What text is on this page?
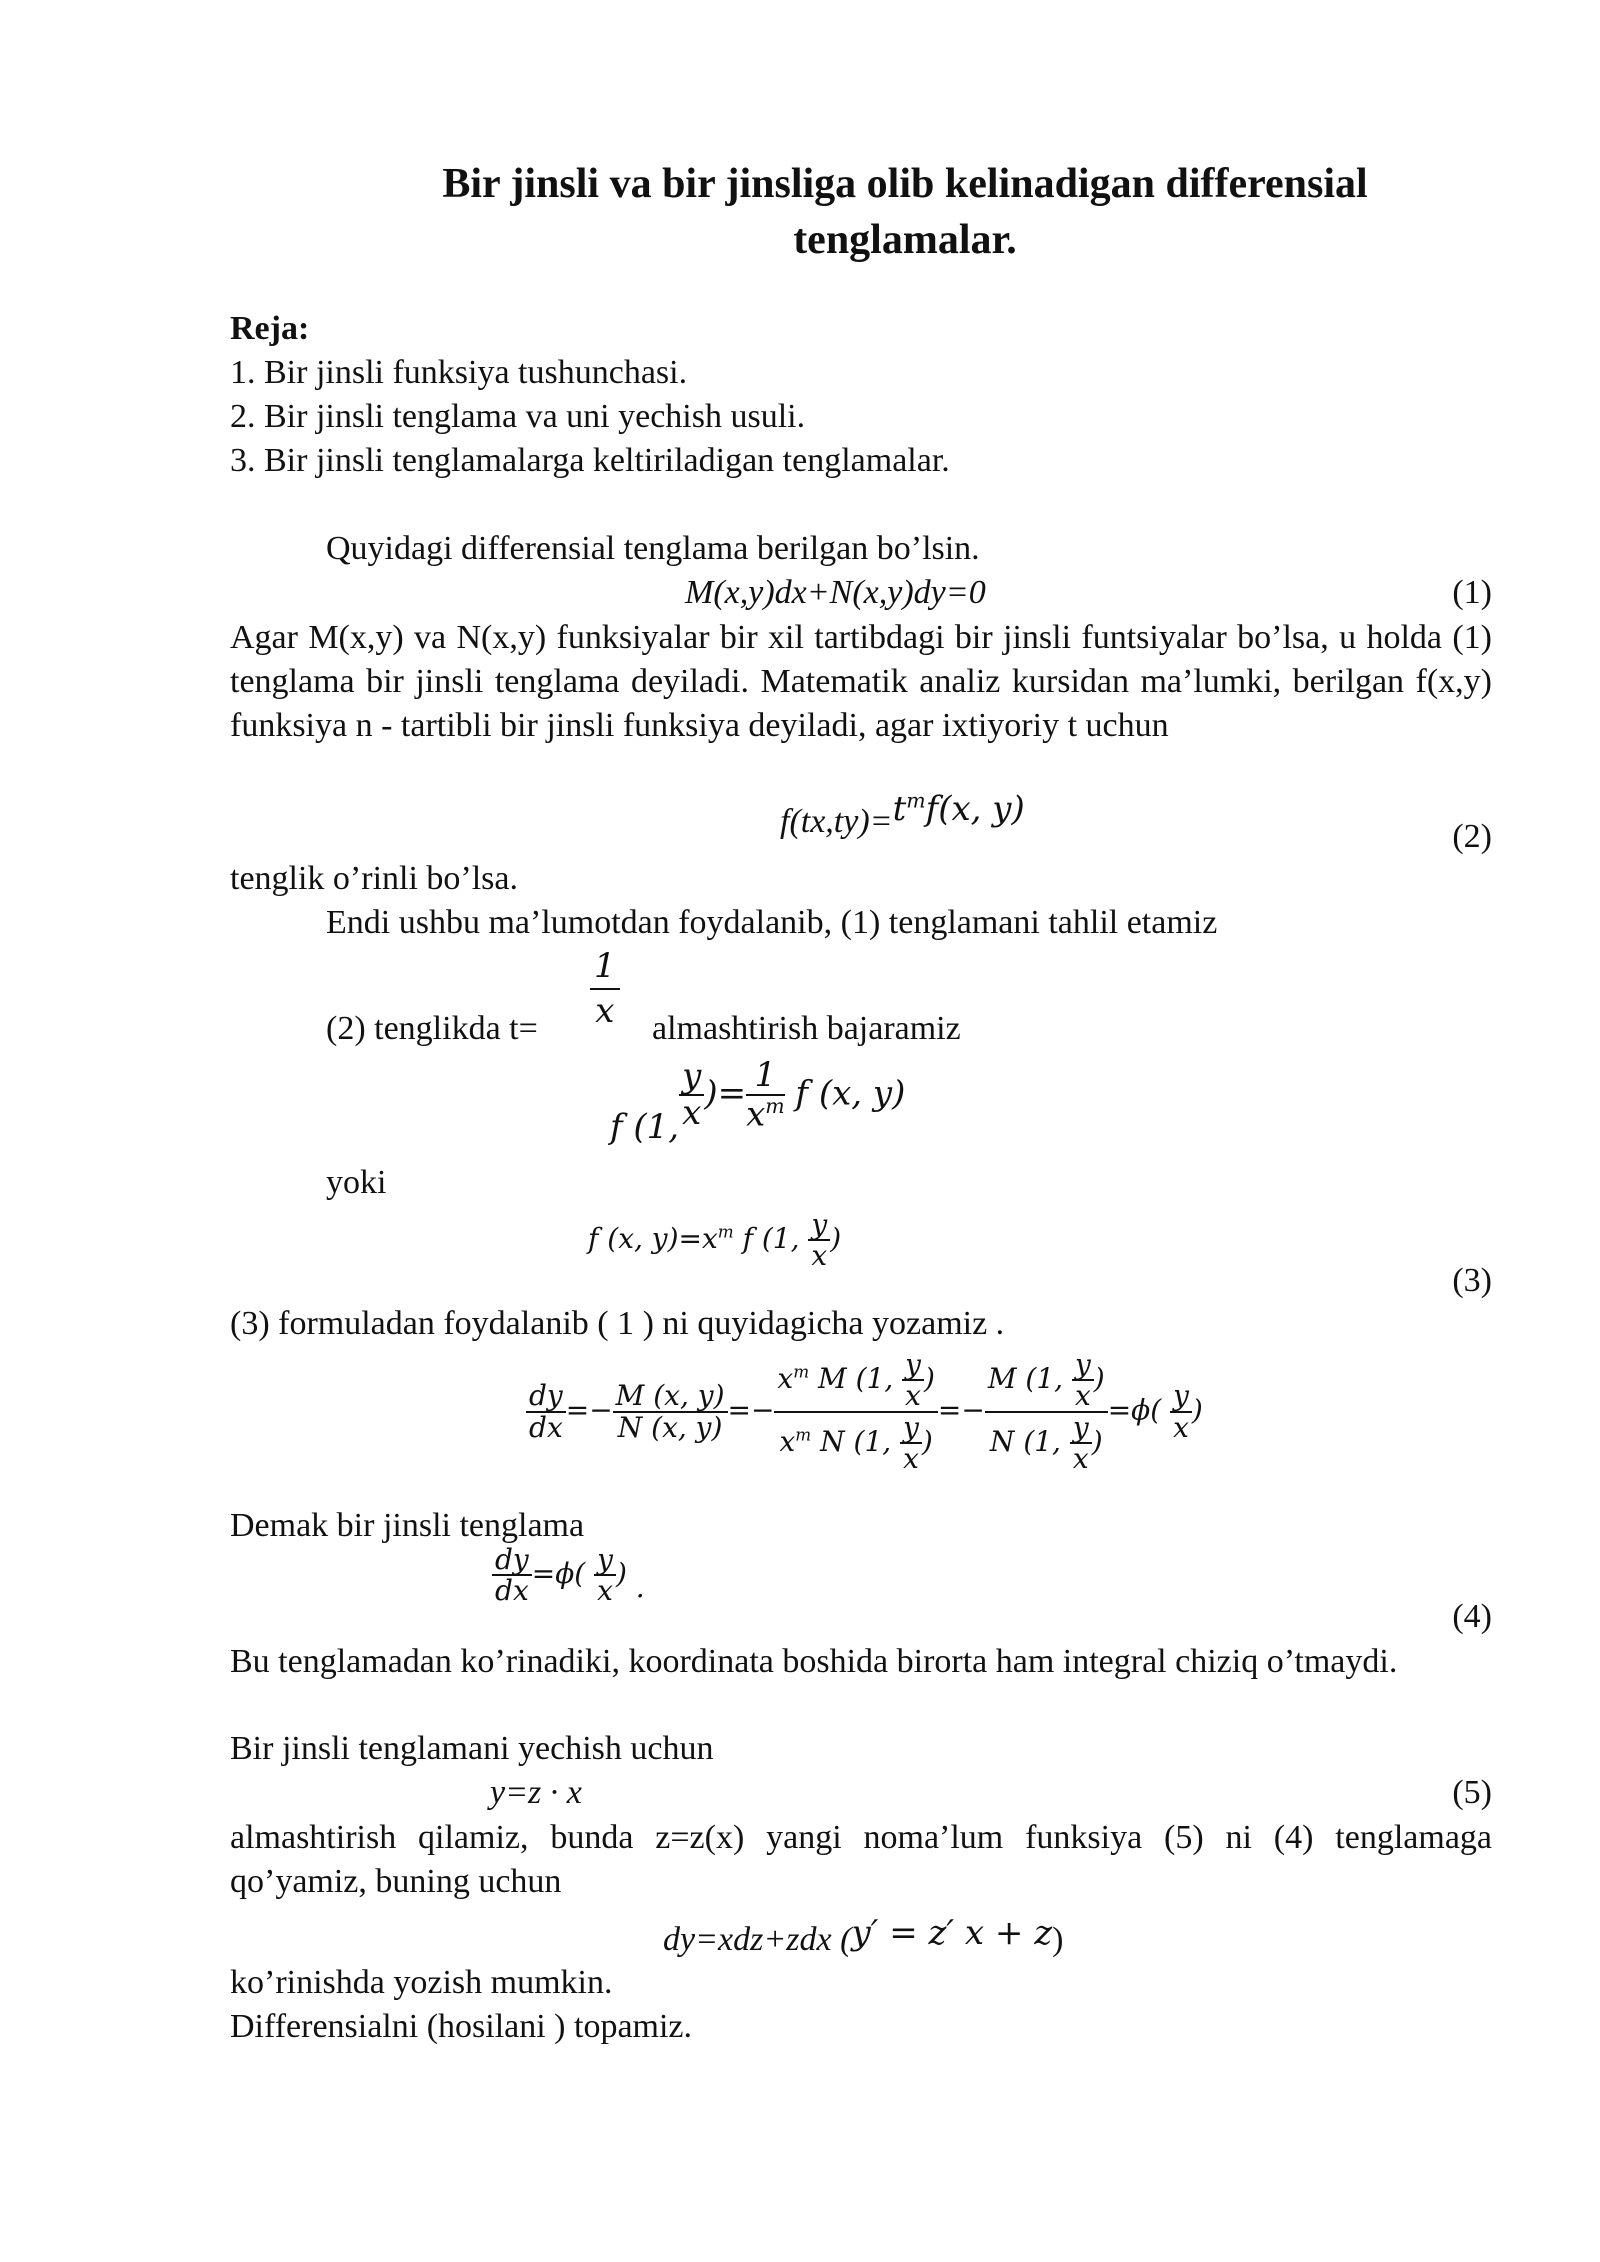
Bir jinsli va bir jinsliga olib kelinadigan differensial
tenglamalar.
Reja:
1. Bir jinsli funksiya tushunchasi.
2. Bir jinsli tenglama va uni yechish usuli.
3. Bir jinsli tenglamalarga keltiriladigan tenglamalar.
Quyidagi differensial tenglama berilgan bo’lsin.
M(x,y)dx+N(x,y)dy=0	(1)
Agar M(x,y) va N(x,y) funksiyalar bir xil tartibdagi bir jinsli funtsiyalar bo’lsa, u holda (1) tenglama bir jinsli tenglama deyiladi. Matematik analiz kursidan ma’lumki, berilgan f(x,y) funksiya n - tartibli bir jinsli funksiya deyiladi, agar ixtiyoriy t uchun
$f(tx,ty)=t^mf(x$, y)
(2)
tenglik o’rinli bo’lsa.
Endi ushbu ma’lumotdan foydalanib, (1) tenglamani tahlil etamiz
1
x
(2) tenglikda t=	almashtirish bajaramiz
f (1, $\frac{y}{x}$ )= $\frac{1}{x^m}$ f (x, y)
yoki
f (x, $y)=x^m$ f (1, $\frac{y}{x}$ )
(3)
(3) formuladan foydalanib ( 1 ) ni quyidagicha yozamiz .
$\frac{dy}{dx} =- \frac{M (x, y)}{N (x, y)} =- \frac{x^m M (1, \frac{y}{x} )}{x^m N (1, \frac{y}{x} )} =- \frac{M (1, \frac{y}{x} )}{N (1, \frac{y}{x} )} =\phi( \frac{y}{x}$ )
Demak bir jinsli tenglama
$\frac{dy}{dx} =\phi( \frac{y}{x}$ ) .
(4)
Bu tenglamadan ko’rinadiki, koordinata boshida birorta ham integral chiziq o’tmaydi.
Bir jinsli tenglamani yechish uchun
y=z · x	(5)
almashtirish qilamiz, bunda z=z(x) yangi noma’lum funksiya (5) ni (4) tenglamaga qo’yamiz, buning uchun
dy=xdz+zdx (y′ = z′ x + z)
ko’rinishda yozish mumkin.
Differensialni (hosilani ) topamiz.
